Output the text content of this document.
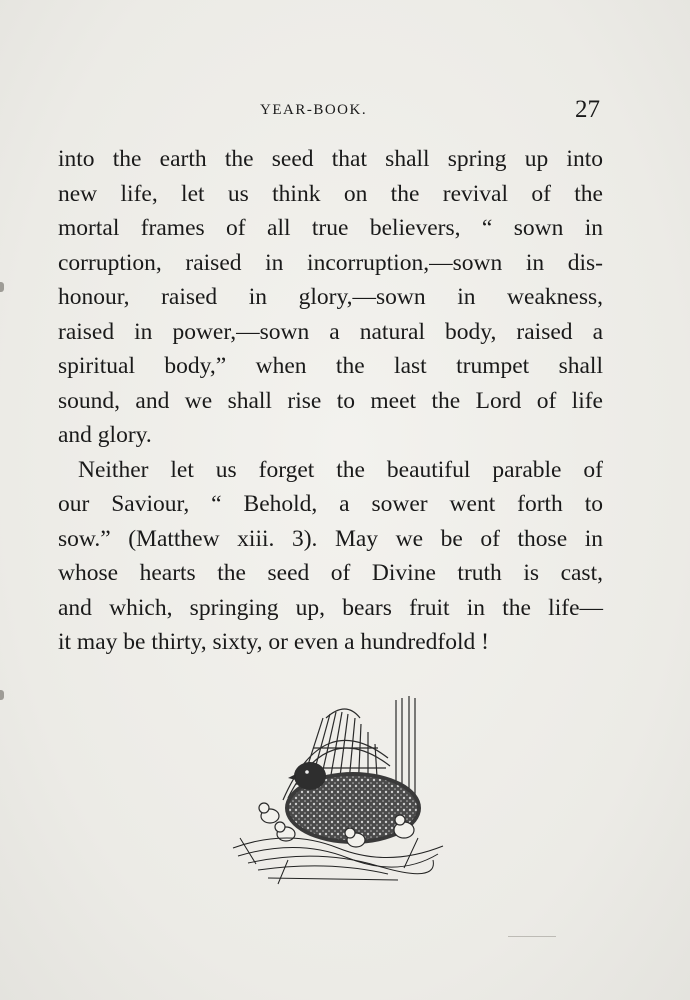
YEAR-BOOK.	27

into the earth the seed that shall spring up into
new life, let us think on the revival of the
mortal frames of all true believers, “ sown in
corruption, raised in incorruption,—sown in dis-
honour, raised in glory,—sown in weakness,
raised in power,—sown a natural body, raised a
spiritual body,” when the last trumpet shall
sound, and we shall rise to meet the Lord of life
and glory.

Neither let us forget the beautiful parable of
our Saviour, “ Behold, a sower went forth to
sow.” (Matthew xiii. 3). May we be of those in
whose hearts the seed of Divine truth is cast,
and which, springing up, bears fruit in the life—
it may be thirty, sixty, or even a hundredfold !
